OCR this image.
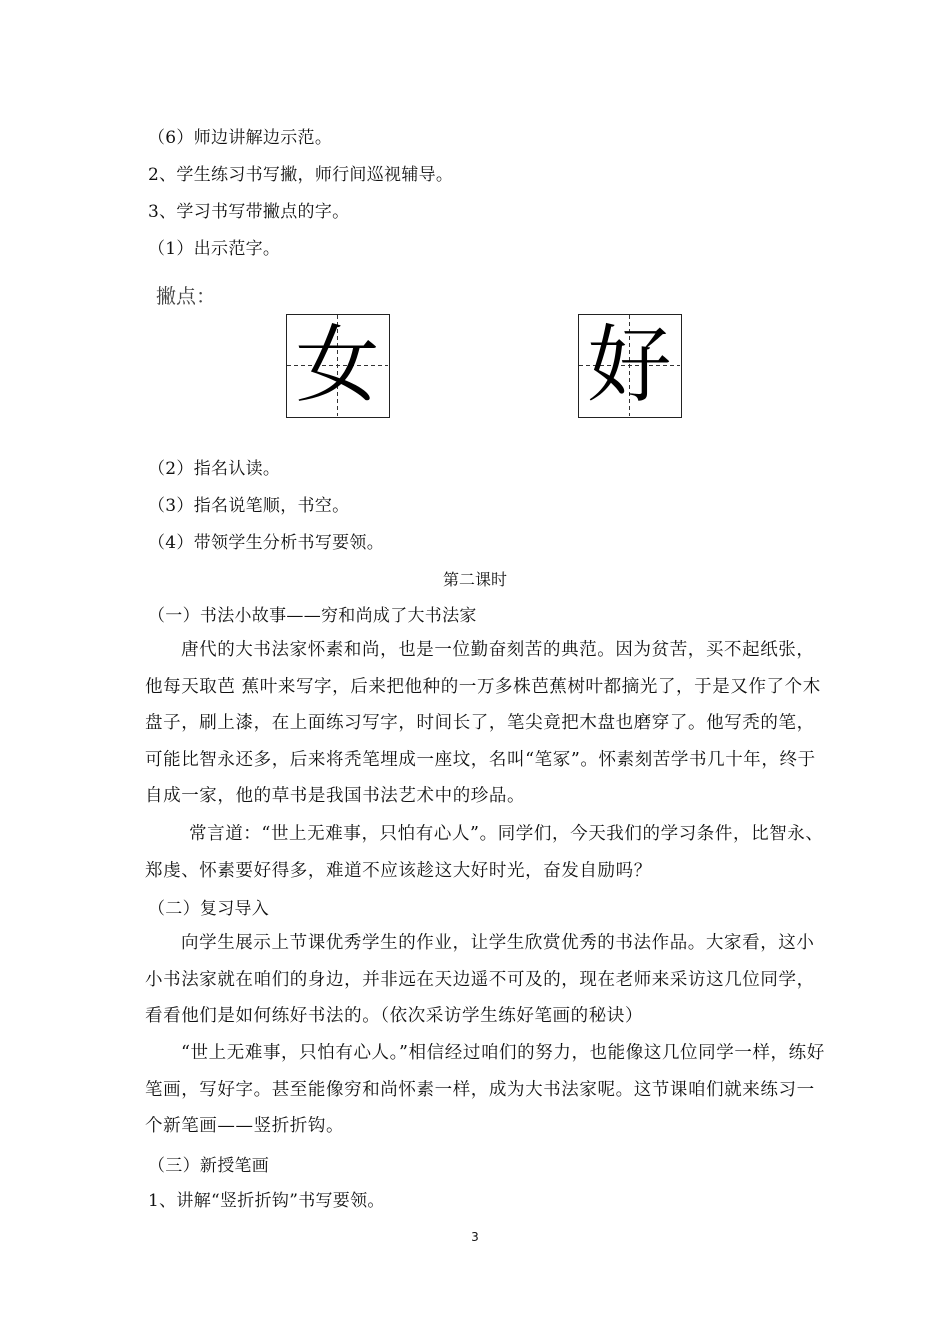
（6）师边讲解边示范。
2、学生练习书写撇，师行间巡视辅导。
3、学习书写带撇点的字。
（1）出示范字。
撇点：
女 好
（2）指名认读。
（3）指名说笔顺，书空。
（4）带领学生分析书写要领。
第二课时
（一）书法小故事——穷和尚成了大书法家
唐代的大书法家怀素和尚，也是一位勤奋刻苦的典范。因为贫苦，买不起纸张，他每天取芭 蕉叶来写字，后来把他种的一万多株芭蕉树叶都摘光了，于是又作了个木盘子，刷上漆，在上面练习写字，时间长了，笔尖竟把木盘也磨穿了。他写秃的笔，可能比智永还多，后来将秃笔埋成一座坟，名叫“笔冢”。怀素刻苦学书几十年，终于自成一家，他的草书是我国书法艺术中的珍品。
常言道：“世上无难事，只怕有心人”。同学们，今天我们的学习条件，比智永、郑虔、怀素要好得多，难道不应该趁这大好时光，奋发自励吗？
（二）复习导入
向学生展示上节课优秀学生的作业，让学生欣赏优秀的书法作品。大家看，这小小书法家就在咱们的身边，并非远在天边遥不可及的，现在老师来采访这几位同学，看看他们是如何练好书法的。（依次采访学生练好笔画的秘诀）
“世上无难事，只怕有心人。”相信经过咱们的努力，也能像这几位同学一样，练好笔画，写好字。甚至能像穷和尚怀素一样，成为大书法家呢。这节课咱们就来练习一个新笔画——竖折折钩。
（三）新授笔画
1、讲解“竖折折钩”书写要领。
3
